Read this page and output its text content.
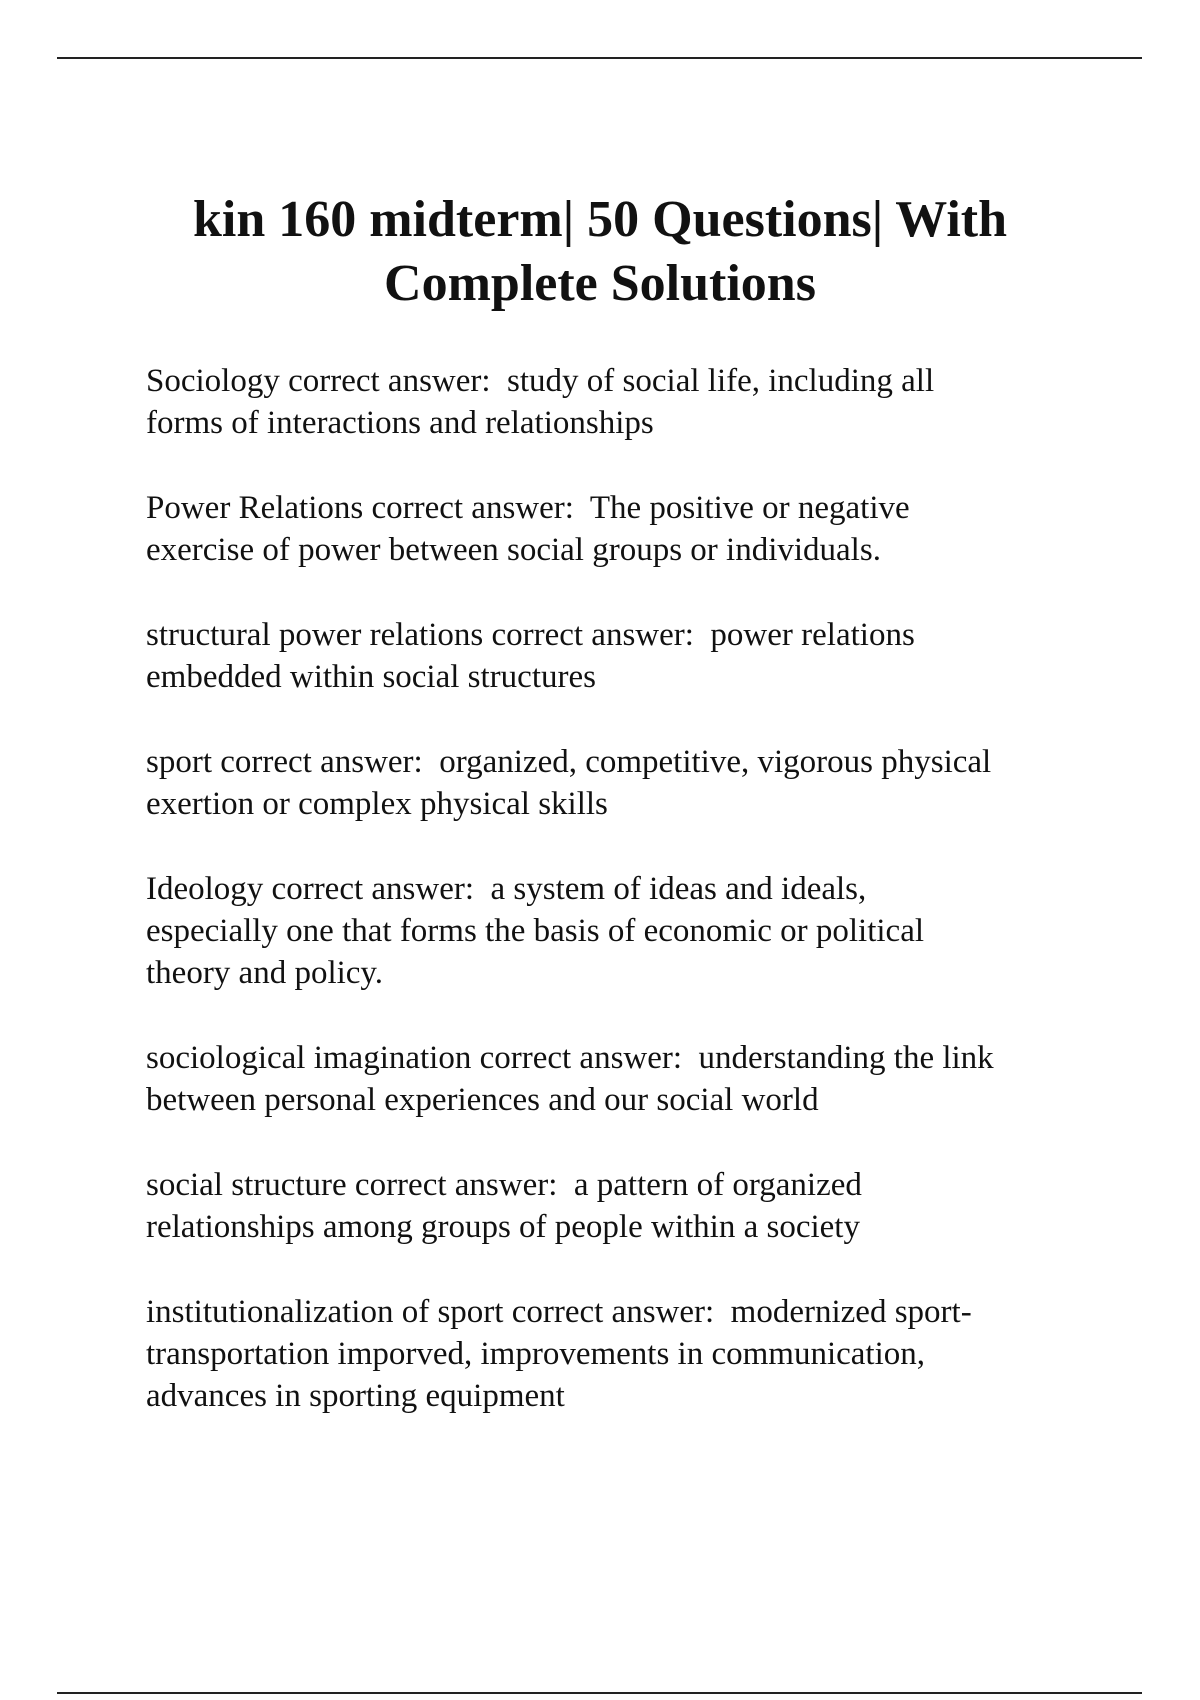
kin 160 midterm| 50 Questions| With
Complete Solutions

Sociology correct answer:  study of social life, including all
forms of interactions and relationships

Power Relations correct answer:  The positive or negative
exercise of power between social groups or individuals.

structural power relations correct answer:  power relations
embedded within social structures

sport correct answer:  organized, competitive, vigorous physical
exertion or complex physical skills

Ideology correct answer:  a system of ideas and ideals,
especially one that forms the basis of economic or political
theory and policy.

sociological imagination correct answer:  understanding the link
between personal experiences and our social world

social structure correct answer:  a pattern of organized
relationships among groups of people within a society

institutionalization of sport correct answer:  modernized sport-
transportation imporved, improvements in communication,
advances in sporting equipment
